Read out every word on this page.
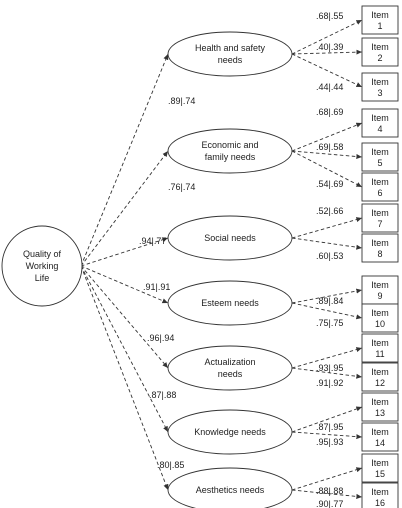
Quality of
Working
Life
Health and safety
needs
Item 1
Item 2
Item 3
Economic and
family needs
Item 4
Item 5
Item 6
Social needs
Item 7
Item 8
Esteem needs
Item 9
Item 10
Actualization
needs
Item 11
Item 12
Knowledge needs
Item 13
Item 14
Aesthetics needs
Item 15
Item 16
.89|.74
.68|.55
.40|.39
.44|.44
.76|.74
.68|.69
.69|.58
.54|.69
.94|.77
.52|.66
.60|.53
.91|.91
.89|.84
.75|.75
.96|.94
.93|.95
.91|.92
.87|.88
.87|.95
.95|.93
.80|.85
.88|.88
.90|.77
